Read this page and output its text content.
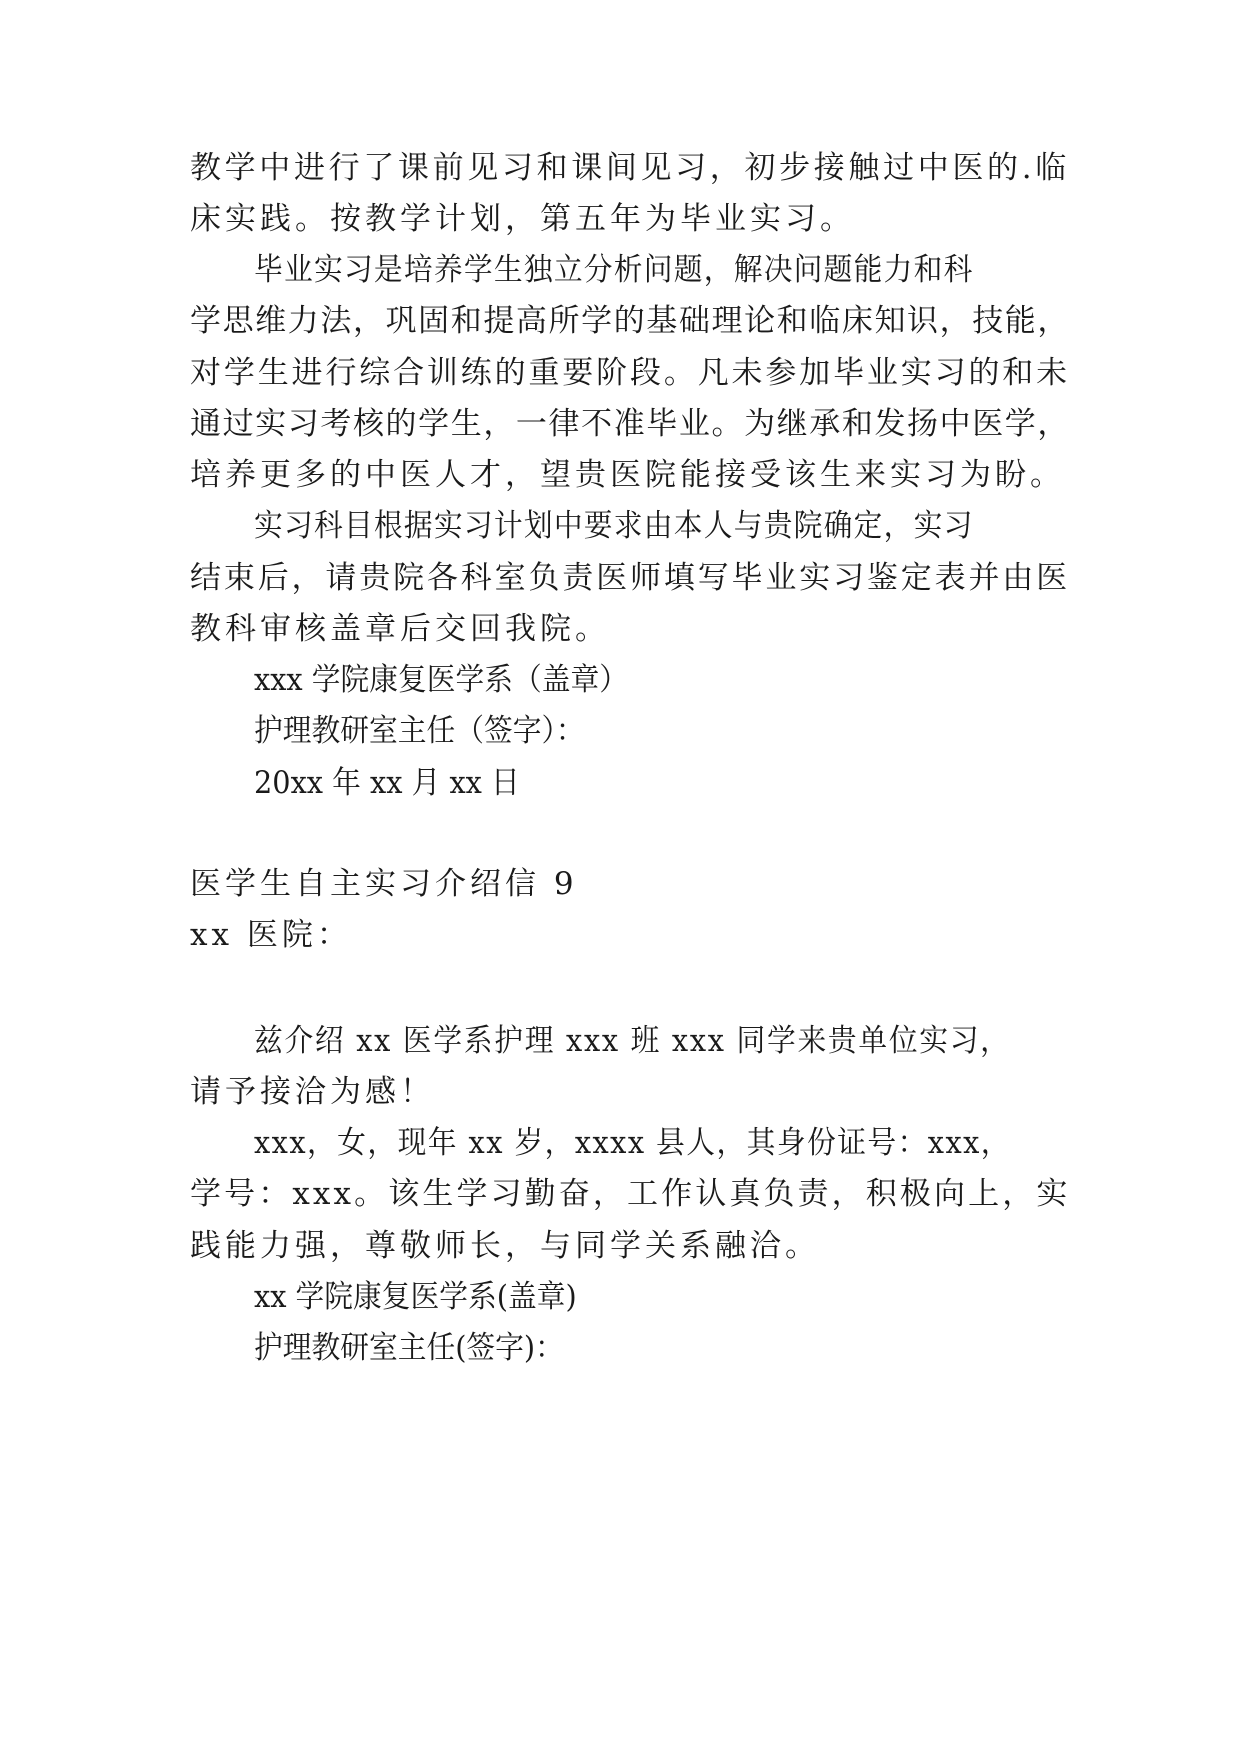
教学中进行了课前见习和课间见习，初步接触过中医的.临
床实践。按教学计划，第五年为毕业实习。
毕业实习是培养学生独立分析问题，解决问题能力和科
学思维力法，巩固和提高所学的基础理论和临床知识，技能，
对学生进行综合训练的重要阶段。凡未参加毕业实习的和未
通过实习考核的学生，一律不准毕业。为继承和发扬中医学，
培养更多的中医人才，望贵医院能接受该生来实习为盼。
实习科目根据实习计划中要求由本人与贵院确定，实习
结束后，请贵院各科室负责医师填写毕业实习鉴定表并由医
教科审核盖章后交回我院。
xxx 学院康复医学系（盖章）
护理教研室主任（签字）：
20xx 年 xx 月 xx 日
医学生自主实习介绍信 9
xx 医院：
兹介绍 xx 医学系护理 xxx 班 xxx 同学来贵单位实习，
请予接洽为感！
xxx，女，现年 xx 岁，xxxx 县人，其身份证号：xxx，
学号：xxx。该生学习勤奋，工作认真负责，积极向上，实
践能力强，尊敬师长，与同学关系融洽。
xx 学院康复医学系(盖章)
护理教研室主任(签字)：
